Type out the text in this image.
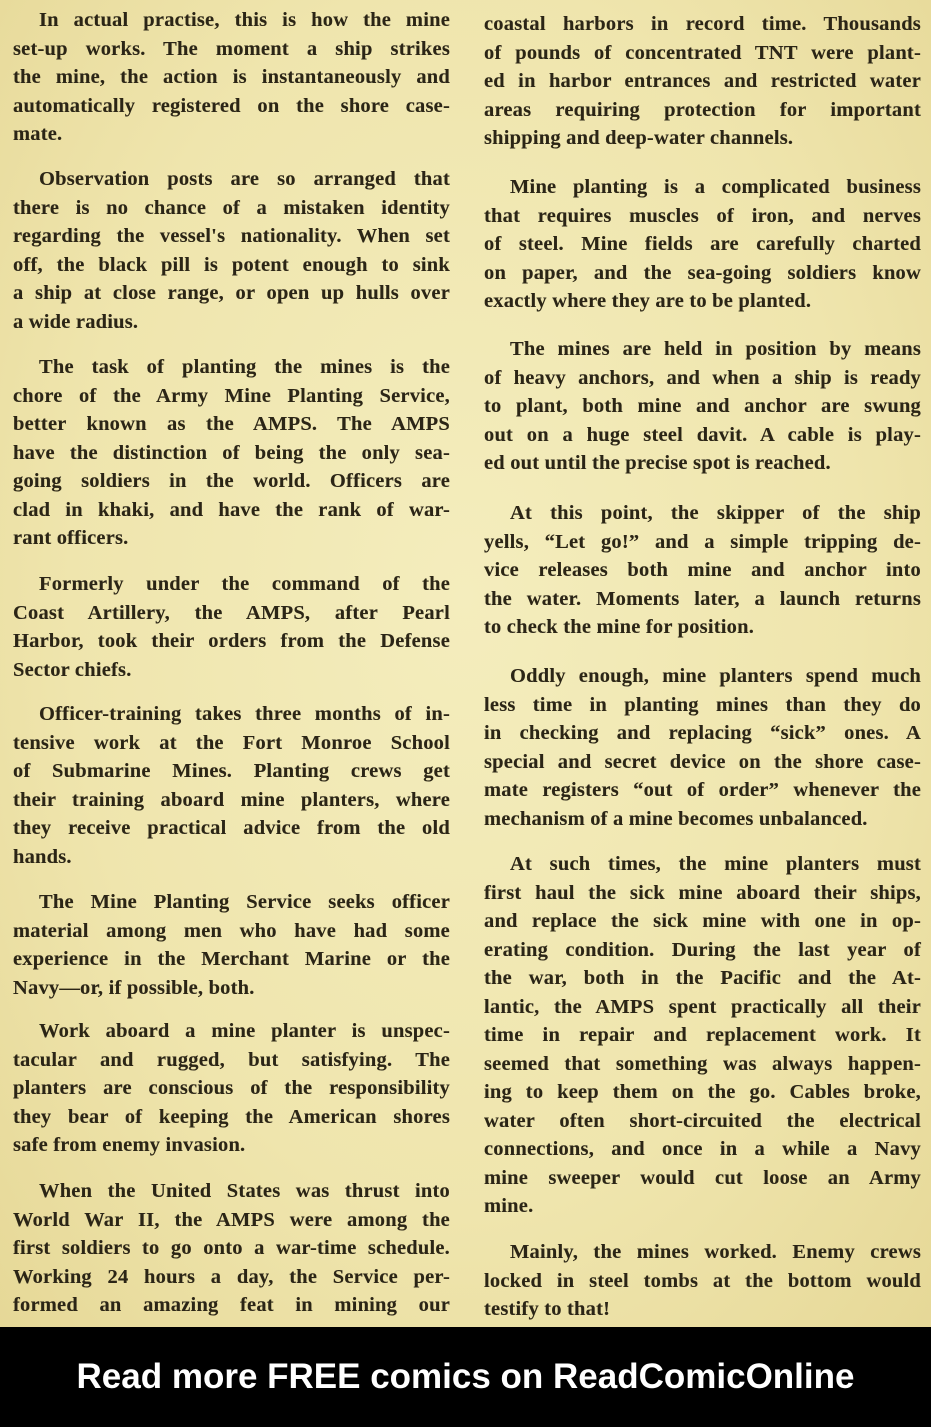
In actual practise, this is how the mine
set-up works. The moment a ship strikes
the mine, the action is instantaneously and
automatically registered on the shore case-
mate.
Observation posts are so arranged that
there is no chance of a mistaken identity
regarding the vessel's nationality. When set
off, the black pill is potent enough to sink
a ship at close range, or open up hulls over
a wide radius.
The task of planting the mines is the
chore of the Army Mine Planting Service,
better known as the AMPS. The AMPS
have the distinction of being the only sea-
going soldiers in the world. Officers are
clad in khaki, and have the rank of war-
rant officers.
Formerly under the command of the
Coast Artillery, the AMPS, after Pearl
Harbor, took their orders from the Defense
Sector chiefs.
Officer-training takes three months of in-
tensive work at the Fort Monroe School
of Submarine Mines. Planting crews get
their training aboard mine planters, where
they receive practical advice from the old
hands.
The Mine Planting Service seeks officer
material among men who have had some
experience in the Merchant Marine or the
Navy—or, if possible, both.
Work aboard a mine planter is unspec-
tacular and rugged, but satisfying. The
planters are conscious of the responsibility
they bear of keeping the American shores
safe from enemy invasion.
When the United States was thrust into
World War II, the AMPS were among the
first soldiers to go onto a war-time schedule.
Working 24 hours a day, the Service per-
formed an amazing feat in mining our
coastal harbors in record time. Thousands
of pounds of concentrated TNT were plant-
ed in harbor entrances and restricted water
areas requiring protection for important
shipping and deep-water channels.
Mine planting is a complicated business
that requires muscles of iron, and nerves
of steel. Mine fields are carefully charted
on paper, and the sea-going soldiers know
exactly where they are to be planted.
The mines are held in position by means
of heavy anchors, and when a ship is ready
to plant, both mine and anchor are swung
out on a huge steel davit. A cable is play-
ed out until the precise spot is reached.
At this point, the skipper of the ship
yells, “Let go!” and a simple tripping de-
vice releases both mine and anchor into
the water. Moments later, a launch returns
to check the mine for position.
Oddly enough, mine planters spend much
less time in planting mines than they do
in checking and replacing “sick” ones. A
special and secret device on the shore case-
mate registers “out of order” whenever the
mechanism of a mine becomes unbalanced.
At such times, the mine planters must
first haul the sick mine aboard their ships,
and replace the sick mine with one in op-
erating condition. During the last year of
the war, both in the Pacific and the At-
lantic, the AMPS spent practically all their
time in repair and replacement work. It
seemed that something was always happen-
ing to keep them on the go. Cables broke,
water often short-circuited the electrical
connections, and once in a while a Navy
mine sweeper would cut loose an Army
mine.
Mainly, the mines worked. Enemy crews
locked in steel tombs at the bottom would
testify to that!
Read more FREE comics on ReadComicOnline
